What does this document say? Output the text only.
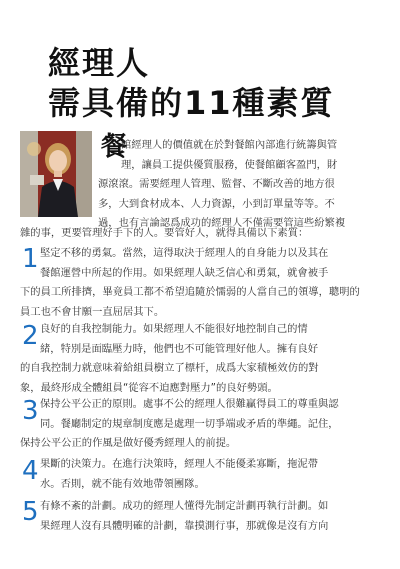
經理人
需具備的11種素質
餐

館經理人的價值就在於對餐館內部進行統籌與管

理，讓員工提供優質服務，使餐館顧客盈門，財

源滾滾。需要經理人管理、監督、不斷改善的地方很

多，大到食材成本、人力資源，小到訂單量等等。不

過，也有言論認爲成功的經理人不僅需要管這些紛繁複

雜的事，更要管理好手下的人。要管好人，就得具備以下素質：

1 堅定不移的勇氣。當然，這得取決于經理人的自身能力以及其在

餐館運營中所起的作用。如果經理人缺乏信心和勇氣，就會被手

下的員工所排擠，畢竟員工都不希望追隨於懦弱的人當自己的領導，聰明的

員工也不會甘願一直屈居其下。

2 良好的自我控制能力。如果經理人不能很好地控制自己的情

緒，特別是面臨壓力時，他們也不可能管理好他人。擁有良好

的自我控制力就意味着給組員樹立了標杆，成爲大家積極效仿的對

象，最終形成全體組員“從容不迫應對壓力”的良好勢頭。

3 保持公平公正的原則。處事不公的經理人很難贏得員工的尊重與認

同。餐廳制定的規章制度應是處理一切爭端或矛盾的準繩。記住，

保持公平公正的作風是做好優秀經理人的前提。

4 果斷的決策力。在進行決策時，經理人不能優柔寡斷，拖泥帶

水。否則，就不能有效地帶領團隊。

5 有條不紊的計劃。成功的經理人懂得先制定計劃再執行計劃。如

果經理人沒有具體明確的計劃，靠摸測行事，那就像是沒有方向
